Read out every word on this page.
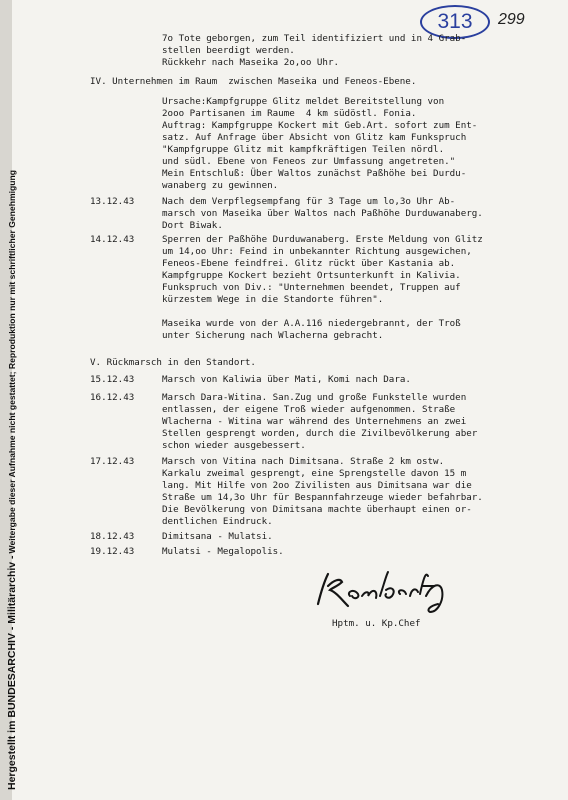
Hergestellt im BUNDESARCHIV - Militärarchiv -Weitergabe dieser Aufnahme nicht gestattet; Reproduktion nur mit schriftlicher Genehmigung
313	299
7o Tote geborgen, zum Teil identifiziert und in 4 Grab-
stellen beerdigt werden.
Rückkehr nach Maseika 2o,oo Uhr.
IV. Unternehmen im Raum  zwischen Maseika und Feneos-Ebene.
Ursache:Kampfgruppe Glitz meldet Bereitstellung von
2ooo Partisanen im Raume  4 km südöstl. Fonia.
Auftrag: Kampfgruppe Kockert mit Geb.Art. sofort zum Ent-
satz. Auf Anfrage über Absicht von Glitz kam Funkspruch
"Kampfgruppe Glitz mit kampfkräftigen Teilen nördl.
und südl. Ebene von Feneos zur Umfassung angetreten."
Mein Entschluß: Über Waltos zunächst Paßhöhe bei Durdu-
wanaberg zu gewinnen.
13.12.43	Nach dem Verpflegsempfang für 3 Tage um lo,3o Uhr Ab-
marsch von Maseika über Waltos nach Paßhöhe Durduwanaberg.
Dort Biwak.
14.12.43	Sperren der Paßhöhe Durduwanaberg. Erste Meldung von Glitz
um 14,oo Uhr: Feind in unbekannter Richtung ausgewichen,
Feneos-Ebene feindfrei. Glitz rückt über Kastania ab.
Kampfgruppe Kockert bezieht Ortsunterkunft in Kalivia.
Funkspruch von Div.: "Unternehmen beendet, Truppen auf
kürzestem Wege in die Standorte führen".
Maseika wurde von der A.A.116 niedergebrannt, der Troß
unter Sicherung nach Wlacherna gebracht.
V. Rückmarsch in den Standort.
15.12.43	Marsch von Kaliwia über Mati, Komi nach Dara.
16.12.43	Marsch Dara-Witina. San.Zug und große Funkstelle wurden
entlassen, der eigene Troß wieder aufgenommen. Straße
Wlacherna - Witina war während des Unternehmens an zwei
Stellen gesprengt worden, durch die Zivilbevölkerung aber
schon wieder ausgebessert.
17.12.43	Marsch von Vitina nach Dimitsana. Straße 2 km ostw.
Karkalu zweimal gesprengt, eine Sprengstelle davon 15 m
lang. Mit Hilfe von 2oo Zivilisten aus Dimitsana war die
Straße um 14,3o Uhr für Bespannfahrzeuge wieder befahrbar.
Die Bevölkerung von Dimitsana machte überhaupt einen or-
dentlichen Eindruck.
18.12.43	Dimitsana - Mulatsi.
19.12.43	Mulatsi - Megalopolis.
Hptm. u. Kp.Chef
